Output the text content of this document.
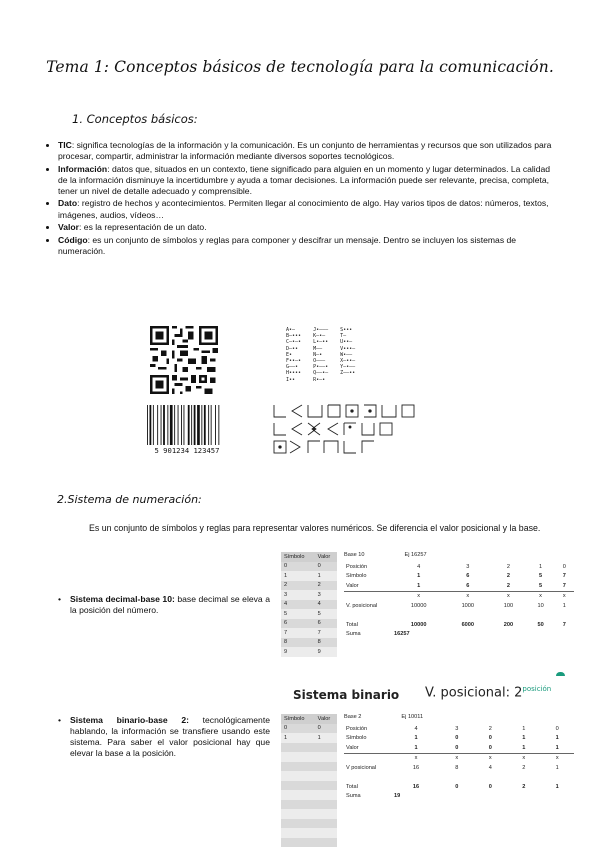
Tema 1: Conceptos básicos de tecnología para la comunicación.
1. Conceptos básicos:
• TIC: significa tecnologías de la información y la comunicación. Es un conjunto de herramientas y recursos que son utilizados para procesar, compartir, administrar la información mediante diversos soportes tecnológicos.
• Información: datos que, situados en un contexto, tiene significado para alguien en un momento y lugar determinados. La calidad de la información disminuye la incertidumbre y ayuda a tomar decisiones. La información puede ser relevante, precisa, completa, tener un nivel de detalle adecuado y comprensible.
• Dato: registro de hechos y acontecimientos. Permiten llegar al conocimiento de algo. Hay varios tipos de datos: números, textos, imágenes, audios, vídeos…
• Valor: es la representación de un dato.
• Código: es un conjunto de símbolos y reglas para componer y descifrar un mensaje. Dentro se incluyen los sistemas de numeración.
A•—
B—•••
C—•—•
D—••
E•
F••—•
G——•
H••••
I••
J•———
K—•—
L•—••
M——
N—•
O———
P•——•
Q——•—
R•—•
S•••
T—
U••—
V•••—
W•——
X—••—
Y—•——
Z——••
5 901234 123457
2.Sistema de numeración:

Es un conjunto de símbolos y reglas para representar valores numéricos. Se diferencia el valor posicional y la base.

• Sistema decimal-base 10: base decimal se eleva a la posición del número.

Símbolo	Valor
0	0
1	1
2	2
3	3
4	4
5	5
6	6
7	7
8	8
9	9
Base 10	Ej 16257
Posición	4	3	2	1	0
Símbolo	1	6	2	5	7
Valor	1	6	2	5	7
	x	x	x	x	x
V. posicional	10000	1000	100	10	1

Total	10000	6000	200	50	7
Suma	16257				
Sistema binario V. posicional: $2^{posición}$

• Sistema binario-base 2: tecnológicamente hablando, la información se transfiere usando este sistema. Para saber el valor posicional hay que elevar la base a la posición.

Símbolo	Valor
0	0
1	1

Base 2	Ej 10011
Posición	4	3	2	1	0
Símbolo	1	0	0	1	1
Valor	1	0	0	1	1
	x	x	x	x	x
V posicional	16	8	4	2	1

Total	16	0	0	2	1
Suma	19				
